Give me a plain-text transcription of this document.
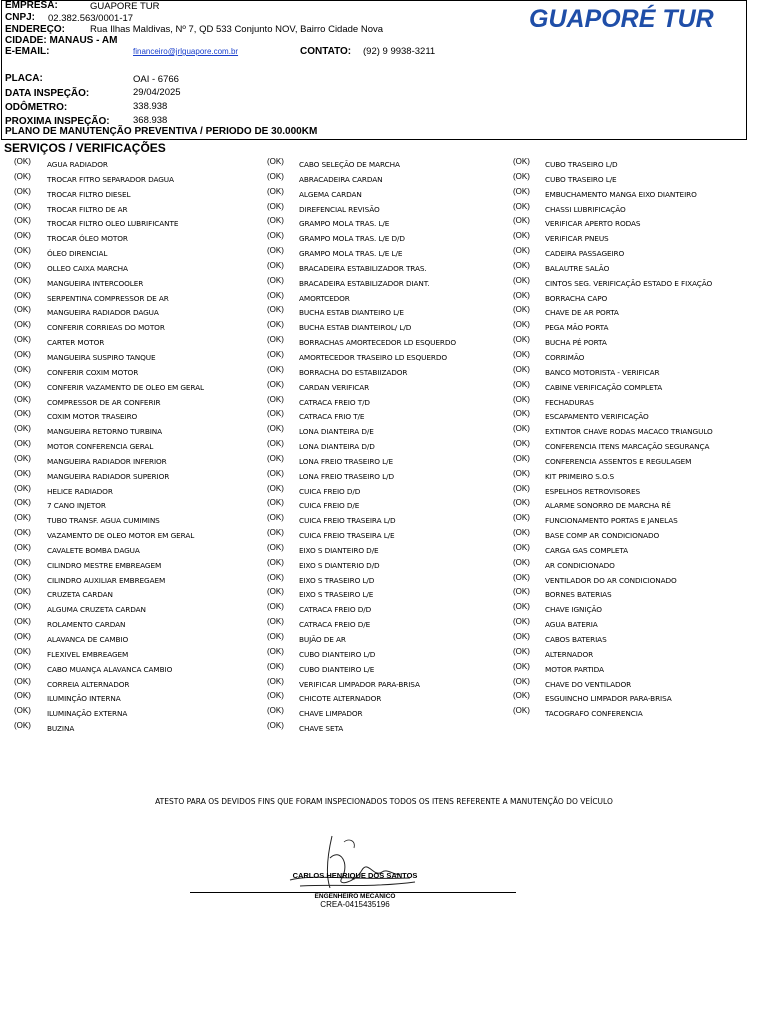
EMPRESA:	GUAPORE TUR
CNPJ: 02.382.563/0001-17
ENDEREÇO:	Rua Ilhas Maldivas, Nº 7, QD 533 Conjunto NOV, Bairro Cidade Nova
CIDADE: MANAUS - AM
E-EMAIL:	financeiro@jrlguapore.com.br	CONTATO: (92) 9 9938-3211
PLACA:	OAI - 6766
DATA INSPEÇÃO:	29/04/2025
ODÔMETRO:	338.938
PROXIMA INSPEÇÃO: 368.938
PLANO DE MANUTENÇÃO PREVENTIVA / PERIODO DE 30.000KM
GUAPORÉ TUR
SERVIÇOS / VERIFICAÇÕES
(OK) AGUA RADIADOR
(OK) TROCAR FITRO SEPARADOR DAGUA
(OK) TROCAR FILTRO DIESEL
(OK) TROCAR FILTRO DE AR
(OK) TROCAR FILTRO OLEO LUBRIFICANTE
(OK) TROCAR ÓLEO MOTOR
(OK) ÓLEO DIRENCIAL
(OK) OLLEO CAIXA MARCHA
(OK) MANGUEIRA INTERCOOLER
(OK) SERPENTINA COMPRESSOR DE AR
(OK) MANGUEIRA RADIADOR DAGUA
(OK) CONFERIR CORRIEAS DO MOTOR
(OK) CARTER MOTOR
(OK) MANGUEIRA SUSPIRO TANQUE
(OK) CONFERIR COXIM MOTOR
(OK) CONFERIR VAZAMENTO DE OLEO EM GERAL
(OK) COMPRESSOR DE AR CONFERIR
(OK) COXIM MOTOR TRASEIRO
(OK) MANGUEIRA RETORNO TURBINA
(OK) MOTOR CONFERENCIA GERAL
(OK) MANGUEIRA RADIADOR INFERIOR
(OK) MANGUEIRA RADIADOR SUPERIOR
(OK) HELICE RADIADOR
(OK) 7 CANO INJETOR
(OK) TUBO TRANSF. AGUA CUMIMINS
(OK) VAZAMENTO DE OLEO MOTOR EM GERAL
(OK) CAVALETE BOMBA DAGUA
(OK) CILINDRO MESTRE EMBREAGEM
(OK) CILINDRO AUXILIAR EMBREGAEM
(OK) CRUZETA CARDAN
(OK) ALGUMA CRUZETA CARDAN
(OK) ROLAMENTO CARDAN
(OK) ALAVANCA DE CAMBIO
(OK) FLEXIVEL EMBREAGEM
(OK) CABO MUANÇA ALAVANCA CAMBIO
(OK) CORREIA ALTERNADOR
(OK) ILUMINÇÃO INTERNA
(OK) ILUMINAÇÃO EXTERNA
(OK) BUZINA
(OK) CABO SELEÇÃO DE MARCHA
(OK) ABRACADEIRA CARDAN
(OK) ALGEMA CARDAN
(OK) DIREFENCIAL REVISÃO
(OK) GRAMPO MOLA TRAS. L/E
(OK) GRAMPO MOLA TRAS. L/E D/D
(OK) GRAMPO MOLA TRAS. L/E L/E
(OK) BRACADEIRA ESTABILIZADOR TRAS.
(OK) BRACADEIRA ESTABILIZADOR DIANT.
(OK) AMORTCEDOR
(OK) BUCHA ESTAB DIANTEIRO L/E
(OK) BUCHA ESTAB DIANTEIROL/ L/D
(OK) BORRACHAS AMORTECEDOR LD ESQUERDO
(OK) AMORTECEDOR TRASEIRO LD ESQUERDO
(OK) BORRACHA DO ESTABIIZADOR
(OK) CARDAN VERIFICAR
(OK) CATRACA FREIO T/D
(OK) CATRACA FRIO T/E
(OK) LONA DIANTEIRA D/E
(OK) LONA DIANTEIRA D/D
(OK) LONA FREIO TRASEIRO L/E
(OK) LONA FREIO TRASEIRO L/D
(OK) CUICA FREIO D/D
(OK) CUICA FREIO D/E
(OK) CUICA FREIO TRASEIRA L/D
(OK) CUICA FREIO TRASEIRA L/E
(OK) EIXO S DIANTEIRO D/E
(OK) EIXO S DIANTERIO D/D
(OK) EIXO S TRASEIRO L/D
(OK) EIXO S TRASEIRO L/E
(OK) CATRACA FREIO D/D
(OK) CATRACA FREIO D/E
(OK) BUJÃO DE AR
(OK) CUBO DIANTEIRO L/D
(OK) CUBO DIANTEIRO L/E
(OK) VERIFICAR LIMPADOR PARA-BRISA
(OK) CHICOTE ALTERNADOR
(OK) CHAVE LIMPADOR
(OK) CHAVE SETA
(OK) CUBO TRASEIRO L/D
(OK) CUBO TRASEIRO L/E
(OK) EMBUCHAMENTO MANGA EIXO DIANTEIRO
(OK) CHASSI LUBRIFICAÇÃO
(OK) VERIFICAR APERTO RODAS
(OK) VERIFICAR PNEUS
(OK) CADEIRA PASSAGEIRO
(OK) BALAUTRE SALÃO
(OK) CINTOS SEG. VERIFICAÇÃO ESTADO E FIXAÇÃO
(OK) BORRACHA CAPO
(OK) CHAVE DE AR PORTA
(OK) PEGA MÃO PORTA
(OK) BUCHA PÉ PORTA
(OK) CORRIMÃO
(OK) BANCO MOTORISTA - VERIFICAR
(OK) CABINE VERIFICAÇÃO COMPLETA
(OK) FECHADURAS
(OK) ESCAPAMENTO VERIFICAÇÃO
(OK) EXTINTOR CHAVE RODAS MACACO TRIANGULO
(OK) CONFERENCIA ITENS MARCAÇÃO SEGURANÇA
(OK) CONFERENCIA ASSENTOS E REGULAGEM
(OK) KIT PRIMEIRO S.O.S
(OK) ESPELHOS RETROVISORES
(OK) ALARME SONORRO DE MARCHA RÉ
(OK) FUNCIONAMENTO PORTAS E JANELAS
(OK) BASE COMP AR CONDICIONADO
(OK) CARGA GAS COMPLETA
(OK) AR CONDICIONADO
(OK) VENTILADOR DO AR CONDICIONADO
(OK) BORNES BATERIAS
(OK) CHAVE IGNIÇÃO
(OK) AGUA BATERIA
(OK) CABOS BATERIAS
(OK) ALTERNADOR
(OK) MOTOR PARTIDA
(OK) CHAVE DO VENTILADOR
(OK) ESGUINCHO LIMPADOR PARA-BRISA
(OK) TACOGRAFO CONFERENCIA
ATESTO PARA OS DEVIDOS FINS QUE FORAM INSPECIONADOS TODOS OS ITENS REFERENTE A MANUTENÇÃO DO VEÍCULO
CARLOS HENRIQUE DOS SANTOS
ENGENHEIRO MECANICO
CREA-0415435196
